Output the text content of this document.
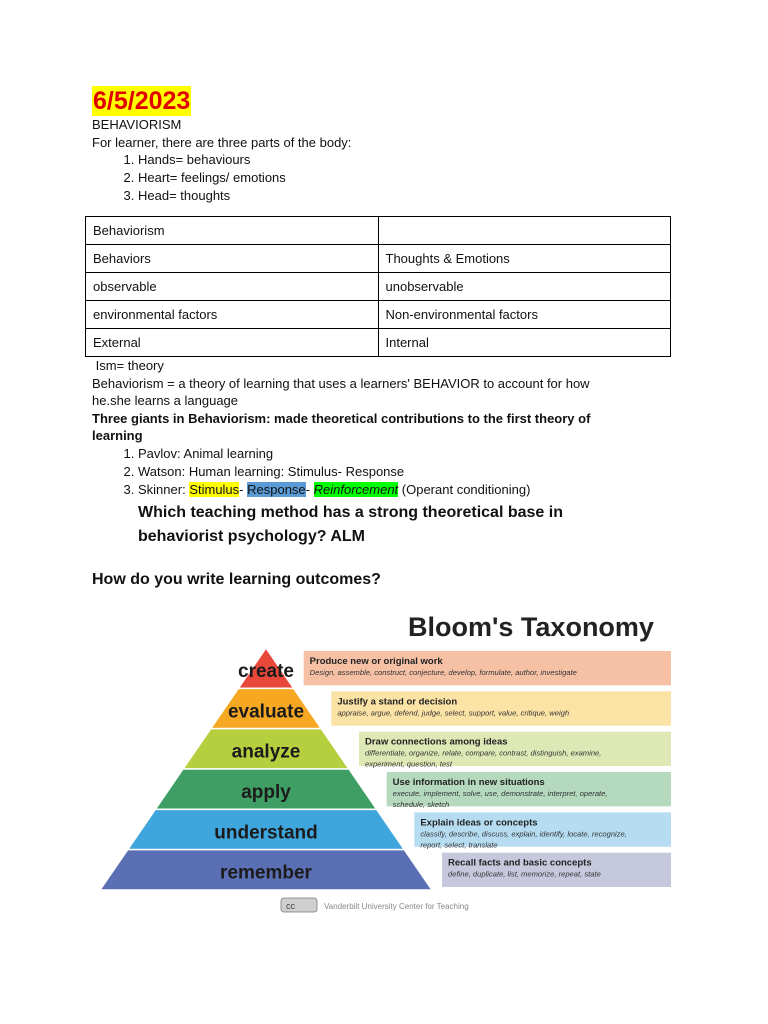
6/5/2023
BEHAVIORISM
For learner, there are three parts of the body:
1. Hands= behaviours
2. Heart= feelings/ emotions
3. Head= thoughts
Behaviorism	
Behaviors	Thoughts & Emotions
observable	unobservable
environmental factors	Non-environmental factors
External	Internal
Ism= theory
Behaviorism = a theory of learning that uses a learners' BEHAVIOR to account for how
he.she learns a language
Three giants in Behaviorism: made theoretical contributions to the first theory of
learning
1. Pavlov: Animal learning
2. Watson: Human learning: Stimulus- Response
3. Skinner: Stimulus- Response- Reinforcement (Operant conditioning)
Which teaching method has a strong theoretical base in
behaviorist psychology? ALM
How do you write learning outcomes?
Bloom's Taxonomy
create
evaluate
analyze
apply
understand
remember
Produce new or original work
Design, assemble, construct, conjecture, develop, formulate, author, investigate
Justify a stand or decision
appraise, argue, defend, judge, select, support, value, critique, weigh
Draw connections among ideas
differentiate, organize, relate, compare, contrast, distinguish, examine,
experiment, question, test
Use information in new situations
execute, implement, solve, use, demonstrate, interpret, operate,
schedule, sketch
Explain ideas or concepts
classify, describe, discuss, explain, identify, locate, recognize,
report, select, translate
Recall facts and basic concepts
define, duplicate, list, memorize, repeat, state
cc	Vanderbilt University Center for Teaching
